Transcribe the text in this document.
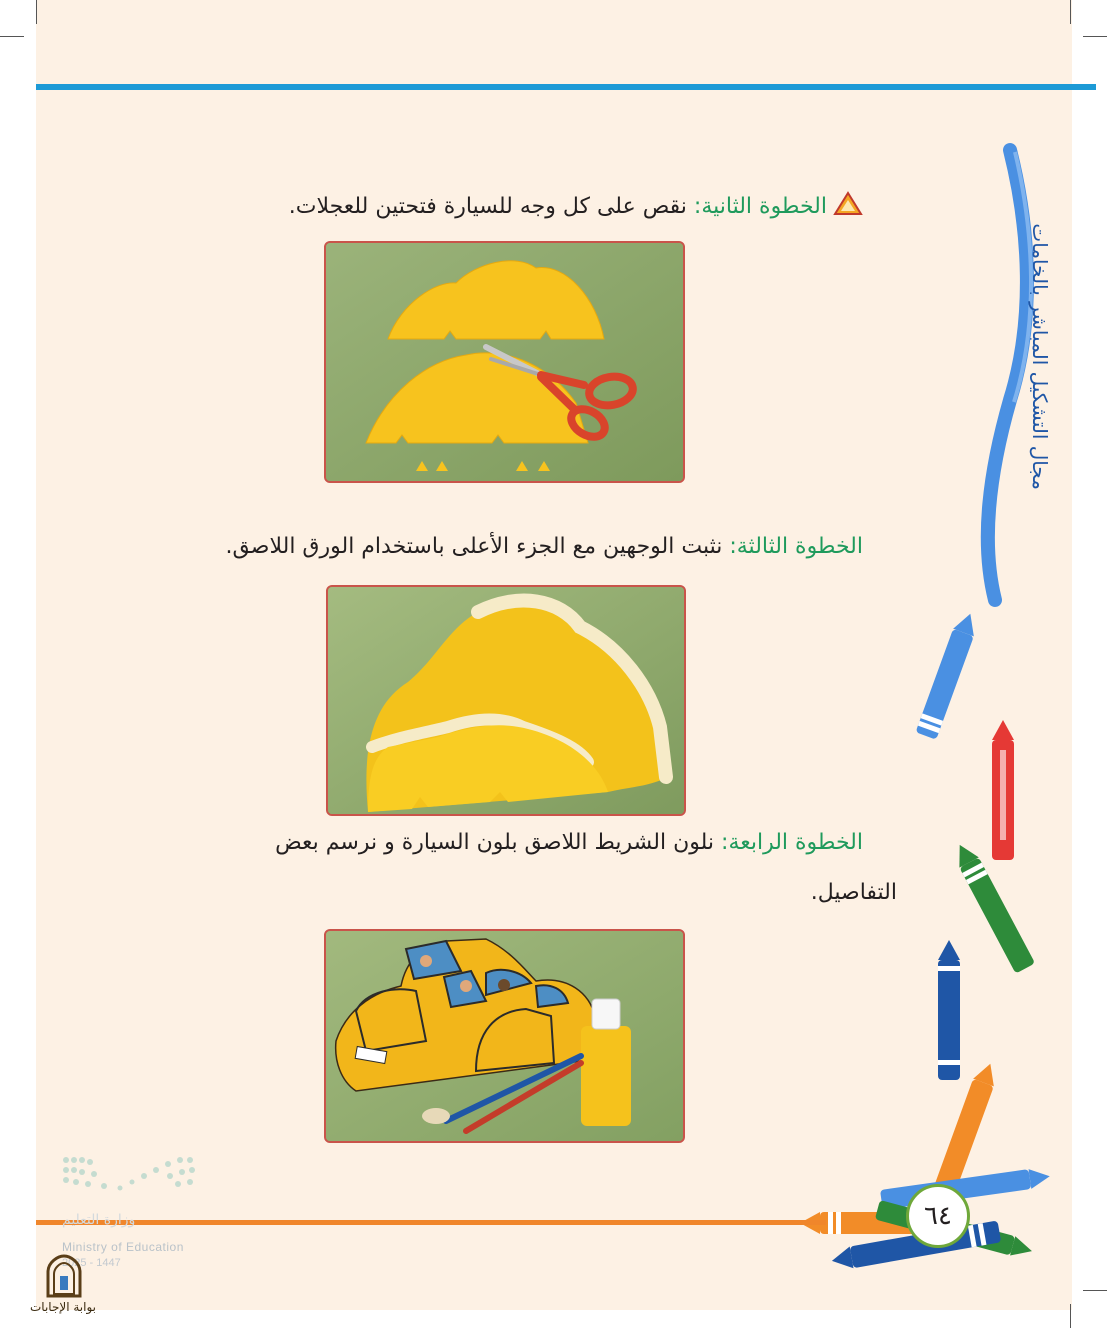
الخطوة الثانية: نقص على كل وجه للسيارة فتحتين للعجلات.
الخطوة الثالثة: نثبت الوجهين مع الجزء الأعلى باستخدام الورق اللاصق.
الخطوة الرابعة: نلون الشريط اللاصق بلون السيارة و نرسم بعض
التفاصيل.
مجال التشكيل المباشر بالخامات
٦٤
وزارة التعليم
Ministry of Education
2025 - 1447
بوابة الإجابات
